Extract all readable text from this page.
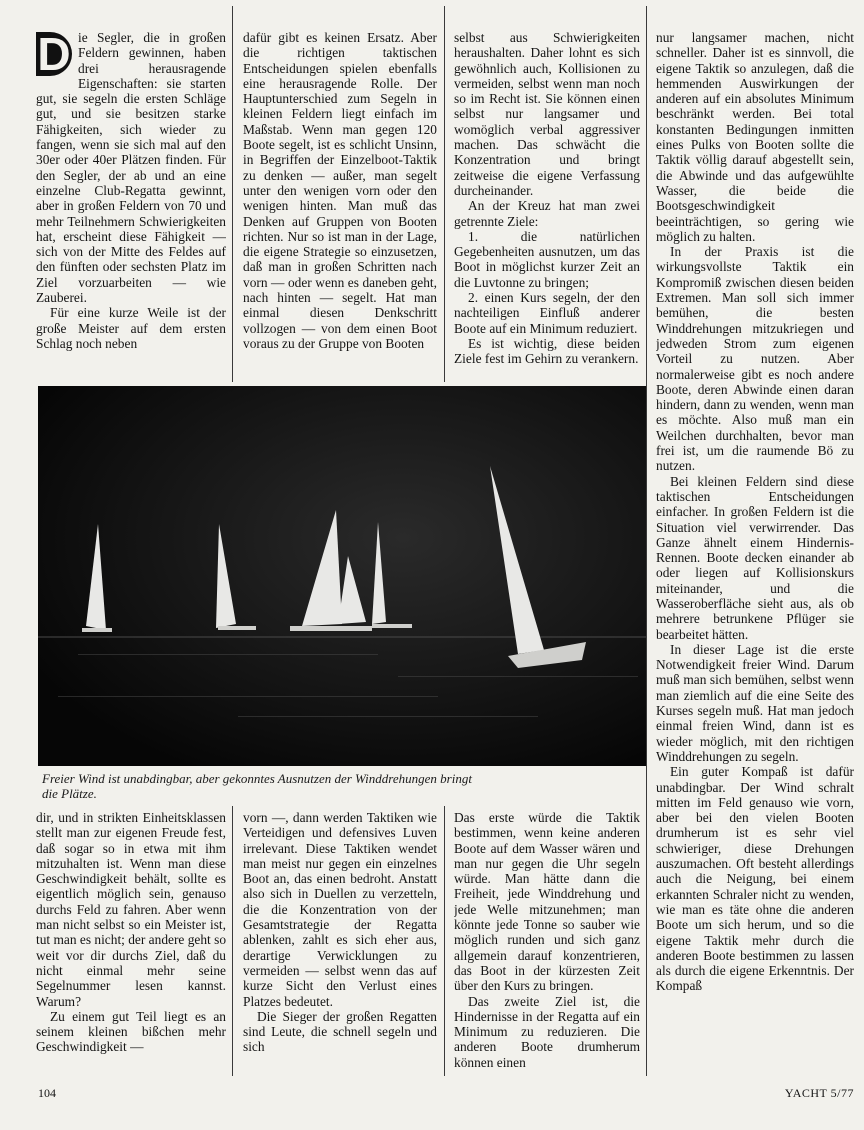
D ie Segler, die in großen Feldern gewinnen, haben drei herausragende Eigenschaften: sie starten gut, sie segeln die ersten Schläge gut, und sie besitzen starke Fähigkeiten, sich wieder zu fangen, wenn sie sich mal auf den 30er oder 40er Plätzen finden. Für den Segler, der ab und an eine einzelne Club-Regatta gewinnt, aber in großen Feldern von 70 und mehr Teilnehmern Schwierigkeiten hat, erscheint diese Fähigkeit — sich von der Mitte des Feldes auf den fünften oder sechsten Platz im Ziel vorzuarbeiten — wie Zauberei.

Für eine kurze Weile ist der große Meister auf dem ersten Schlag noch neben

dafür gibt es keinen Ersatz. Aber die richtigen taktischen Entscheidungen spielen ebenfalls eine herausragende Rolle. Der Hauptunterschied zum Segeln in kleinen Feldern liegt einfach im Maßstab. Wenn man gegen 120 Boote segelt, ist es schlicht Unsinn, in Begriffen der Einzelboot-Taktik zu denken — außer, man segelt unter den wenigen vorn oder den wenigen hinten. Man muß das Denken auf Gruppen von Booten richten. Nur so ist man in der Lage, die eigene Strategie so einzusetzen, daß man in großen Schritten nach vorn — oder wenn es daneben geht, nach hinten — segelt. Hat man einmal diesen Denkschritt vollzogen — von dem einen Boot voraus zu der Gruppe von Booten

selbst aus Schwierigkeiten heraushalten. Daher lohnt es sich gewöhnlich auch, Kollisionen zu vermeiden, selbst wenn man noch so im Recht ist. Sie können einen selbst nur langsamer und womöglich verbal aggressiver machen. Das schwächt die Konzentration und bringt zeitweise die eigene Verfassung durcheinander.

An der Kreuz hat man zwei getrennte Ziele:

1. die natürlichen Gegebenheiten ausnutzen, um das Boot in möglichst kurzer Zeit an die Luvtonne zu bringen;

2. einen Kurs segeln, der den nachteiligen Einfluß anderer Boote auf ein Minimum reduziert.

Es ist wichtig, diese beiden Ziele fest im Gehirn zu verankern.

nur langsamer machen, nicht schneller. Daher ist es sinnvoll, die eigene Taktik so anzulegen, daß die hemmenden Auswirkungen der anderen auf ein absolutes Minimum beschränkt werden. Bei total konstanten Bedingungen inmitten eines Pulks von Booten sollte die Taktik völlig darauf abgestellt sein, die Abwinde und das aufgewühlte Wasser, die beide die Bootsgeschwindigkeit beeinträchtigen, so gering wie möglich zu halten.

In der Praxis ist die wirkungsvollste Taktik ein Kompromiß zwischen diesen beiden Extremen. Man soll sich immer bemühen, die besten Winddrehungen mitzukriegen und jedweden Strom zum eigenen Vorteil zu nutzen. Aber normalerweise gibt es noch andere Boote, deren Abwinde einen daran hindern, dann zu wenden, wenn man es möchte. Also muß man ein Weilchen durchhalten, bevor man frei ist, um die raumende Bö zu nutzen.

Bei kleinen Feldern sind diese taktischen Entscheidungen einfacher. In großen Feldern ist die Situation viel verwirrender. Das Ganze ähnelt einem Hindernis-Rennen. Boote decken einander ab oder liegen auf Kollisionskurs miteinander, und die Wasseroberfläche sieht aus, als ob mehrere betrunkene Pflüger sie bearbeitet hätten.

In dieser Lage ist die erste Notwendigkeit freier Wind. Darum muß man sich bemühen, selbst wenn man ziemlich auf die eine Seite des Kurses segeln muß. Hat man jedoch einmal freien Wind, dann ist es wieder möglich, mit den richtigen Winddrehungen zu segeln.

Ein guter Kompaß ist dafür unabdingbar. Der Wind schralt mitten im Feld genauso wie vorn, aber bei den vielen Booten drumherum ist es sehr viel schwieriger, diese Drehungen auszumachen. Oft besteht allerdings auch die Neigung, bei einem erkannten Schraler nicht zu wenden, wie man es täte ohne die anderen Boote um sich herum, und so die eigene Taktik mehr durch die anderen Boote bestimmen zu lassen als durch die eigene Erkenntnis. Der Kompaß

Freier Wind ist unabdingbar, aber gekonntes Ausnutzen der Winddrehungen bringt
die Plätze.

dir, und in strikten Einheitsklassen stellt man zur eigenen Freude fest, daß sogar so in etwa mit ihm mitzuhalten ist. Wenn man diese Geschwindigkeit behält, sollte es eigentlich möglich sein, genauso durchs Feld zu fahren. Aber wenn man nicht selbst so ein Meister ist, tut man es nicht; der andere geht so weit vor dir durchs Ziel, daß du nicht einmal mehr seine Segelnummer lesen kannst. Warum?

Zu einem gut Teil liegt es an seinem kleinen bißchen mehr Geschwindigkeit —

vorn —, dann werden Taktiken wie Verteidigen und defensives Luven irrelevant. Diese Taktiken wendet man meist nur gegen ein einzelnes Boot an, das einen bedroht. Anstatt also sich in Duellen zu verzetteln, die die Konzentration von der Gesamtstrategie der Regatta ablenken, zahlt es sich eher aus, derartige Verwicklungen zu vermeiden — selbst wenn das auf kurze Sicht den Verlust eines Platzes bedeutet.

Die Sieger der großen Regatten sind Leute, die schnell segeln und sich

Das erste würde die Taktik bestimmen, wenn keine anderen Boote auf dem Wasser wären und man nur gegen die Uhr segeln würde. Man hätte dann die Freiheit, jede Winddrehung und jede Welle mitzunehmen; man könnte jede Tonne so sauber wie möglich runden und sich ganz allgemein darauf konzentrieren, das Boot in der kürzesten Zeit über den Kurs zu bringen.

Das zweite Ziel ist, die Hindernisse in der Regatta auf ein Minimum zu reduzieren. Die anderen Boote drumherum können einen

104	YACHT 5/77
